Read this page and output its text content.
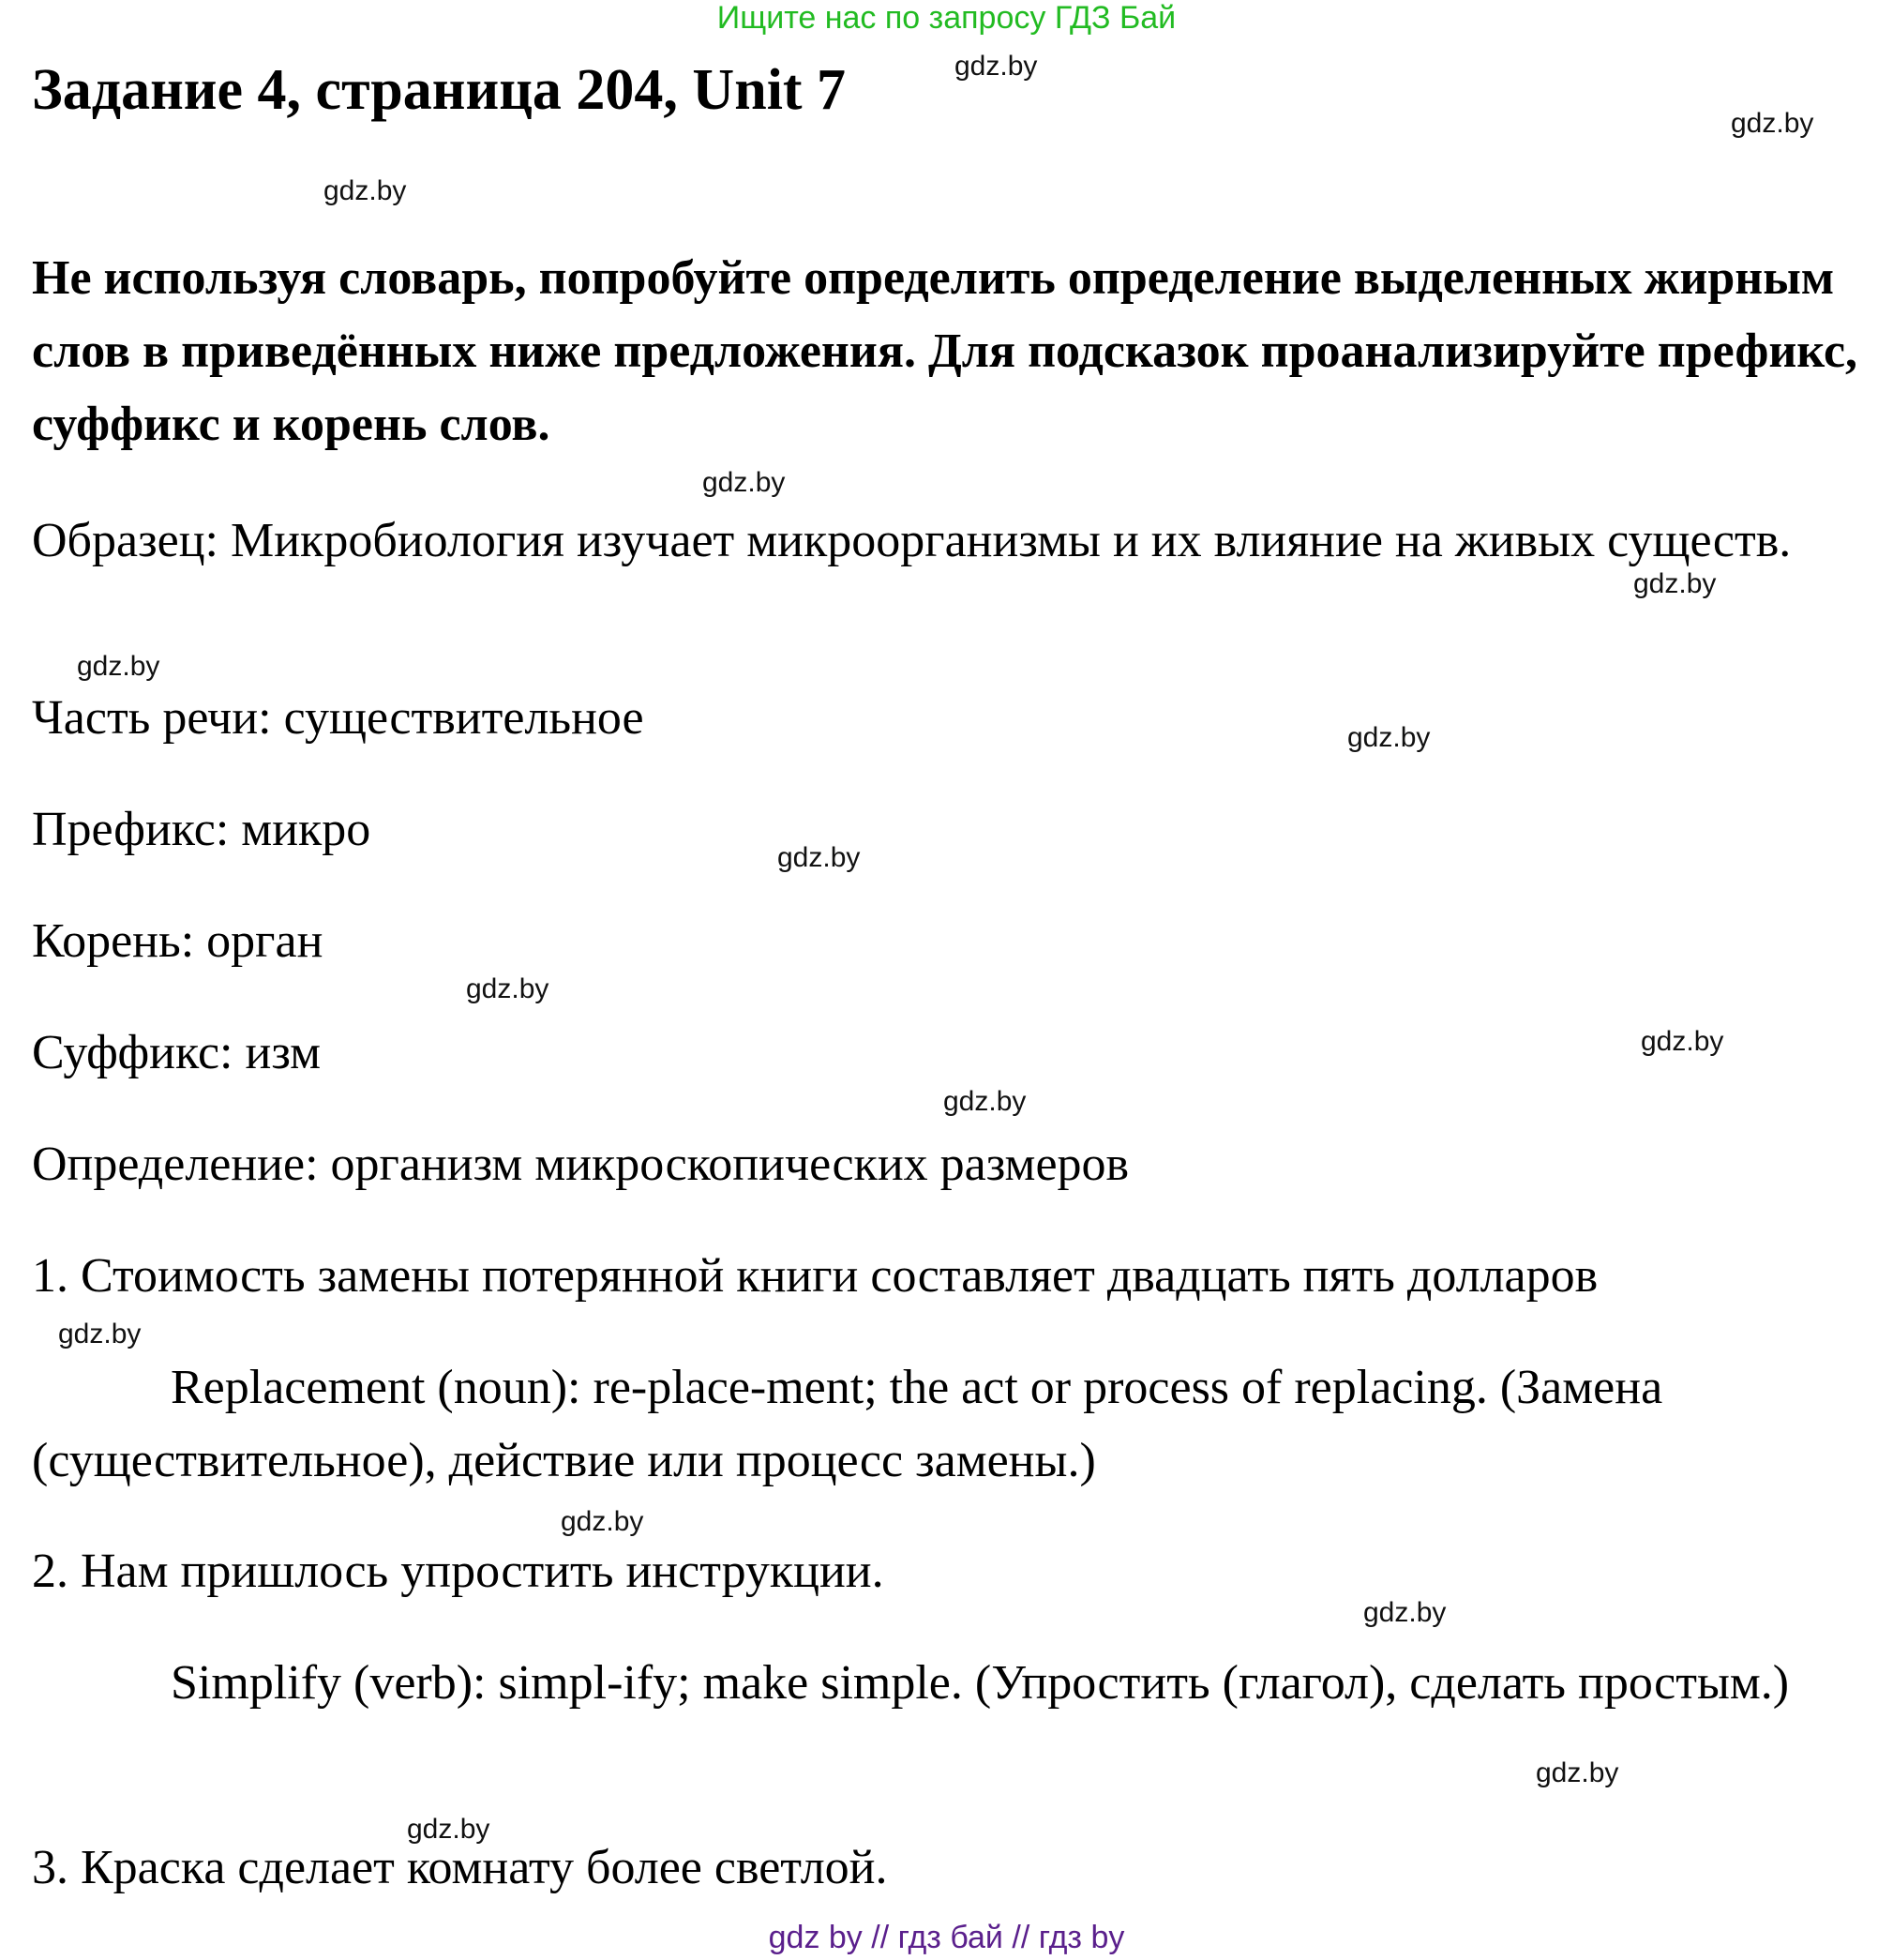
Ищите нас по запросу ГДЗ Бай
Задание 4, страница 204, Unit 7

Не используя словарь, попробуйте определить определение выделенных жирным слов в приведённых ниже предложения. Для подсказок проанализируйте префикс, суффикс и корень слов.

Образец: Микробиология изучает микроорганизмы и их влияние на живых существ.

Часть речи: существительное

Префикс: микро

Корень: орган

Суффикс: изм

Определение: организм микроскопических размеров

1. Стоимость замены потерянной книги составляет двадцать пять долларов

Replacement (noun): re-place-ment; the act or process of replacing. (Замена (существительное), действие или процесс замены.)

2. Нам пришлось упростить инструкции.

Simplify (verb): simpl-ify; make simple. (Упростить (глагол), сделать простым.)

3. Краска сделает комнату более светлой.

gdz.by
gdz.by
gdz.by
gdz.by
gdz.by
gdz.by
gdz.by
gdz.by
gdz.by
gdz.by
gdz.by
gdz.by
gdz.by
gdz.by
gdz.by
gdz.by
gdz by // гдз бай // гдз by
